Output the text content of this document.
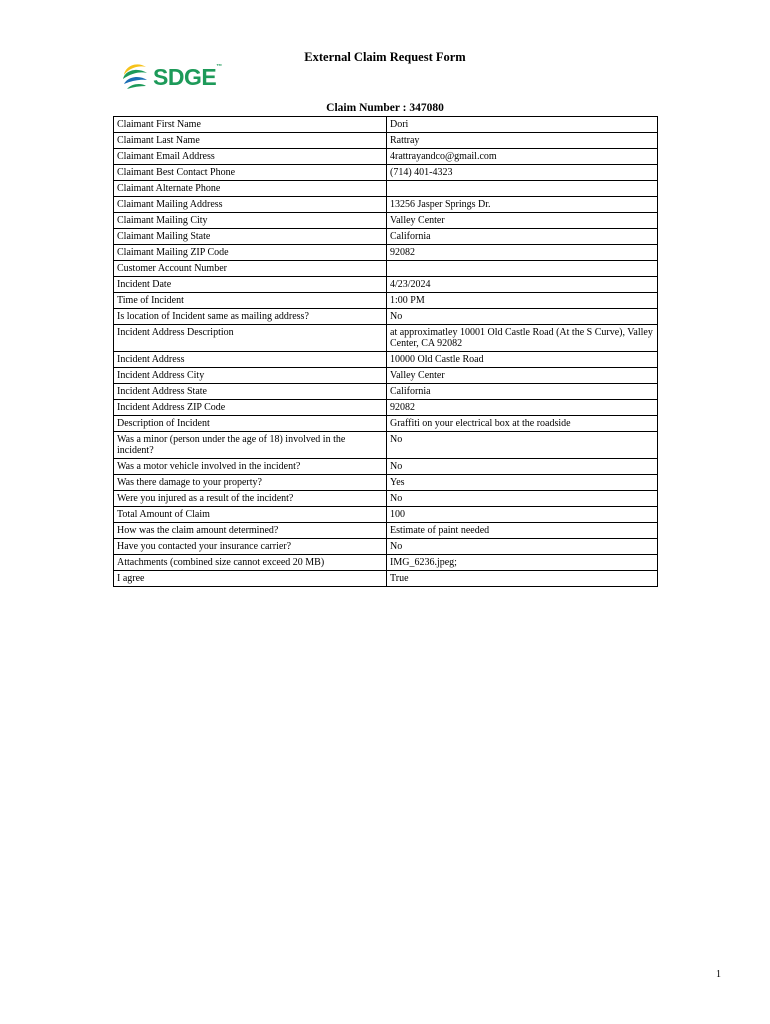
External Claim Request Form
SDGE™
Claim Number : 347080
Claimant First Name	Dori
Claimant Last Name	Rattray
Claimant Email Address	4rattrayandco@gmail.com
Claimant Best Contact Phone	(714) 401-4323
Claimant Alternate Phone	
Claimant Mailing Address	13256 Jasper Springs Dr.
Claimant Mailing City	Valley Center
Claimant Mailing State	California
Claimant Mailing ZIP Code	92082
Customer Account Number	
Incident Date	4/23/2024
Time of Incident	1:00 PM
Is location of Incident same as mailing address?	No
Incident Address Description	at approximatley 10001 Old Castle Road (At the S Curve), Valley Center, CA 92082
Incident Address	10000 Old Castle Road
Incident Address City	Valley Center
Incident Address State	California
Incident Address ZIP Code	92082
Description of Incident	Graffiti on your electrical box at the roadside
Was a minor (person under the age of 18) involved in the incident?	No
Was a motor vehicle involved in the incident?	No
Was there damage to your property?	Yes
Were you injured as a result of the incident?	No
Total Amount of Claim	100
How was the claim amount determined?	Estimate of paint needed
Have you contacted your insurance carrier?	No
Attachments (combined size cannot exceed 20 MB)	IMG_6236.jpeg;
I agree	True
1
